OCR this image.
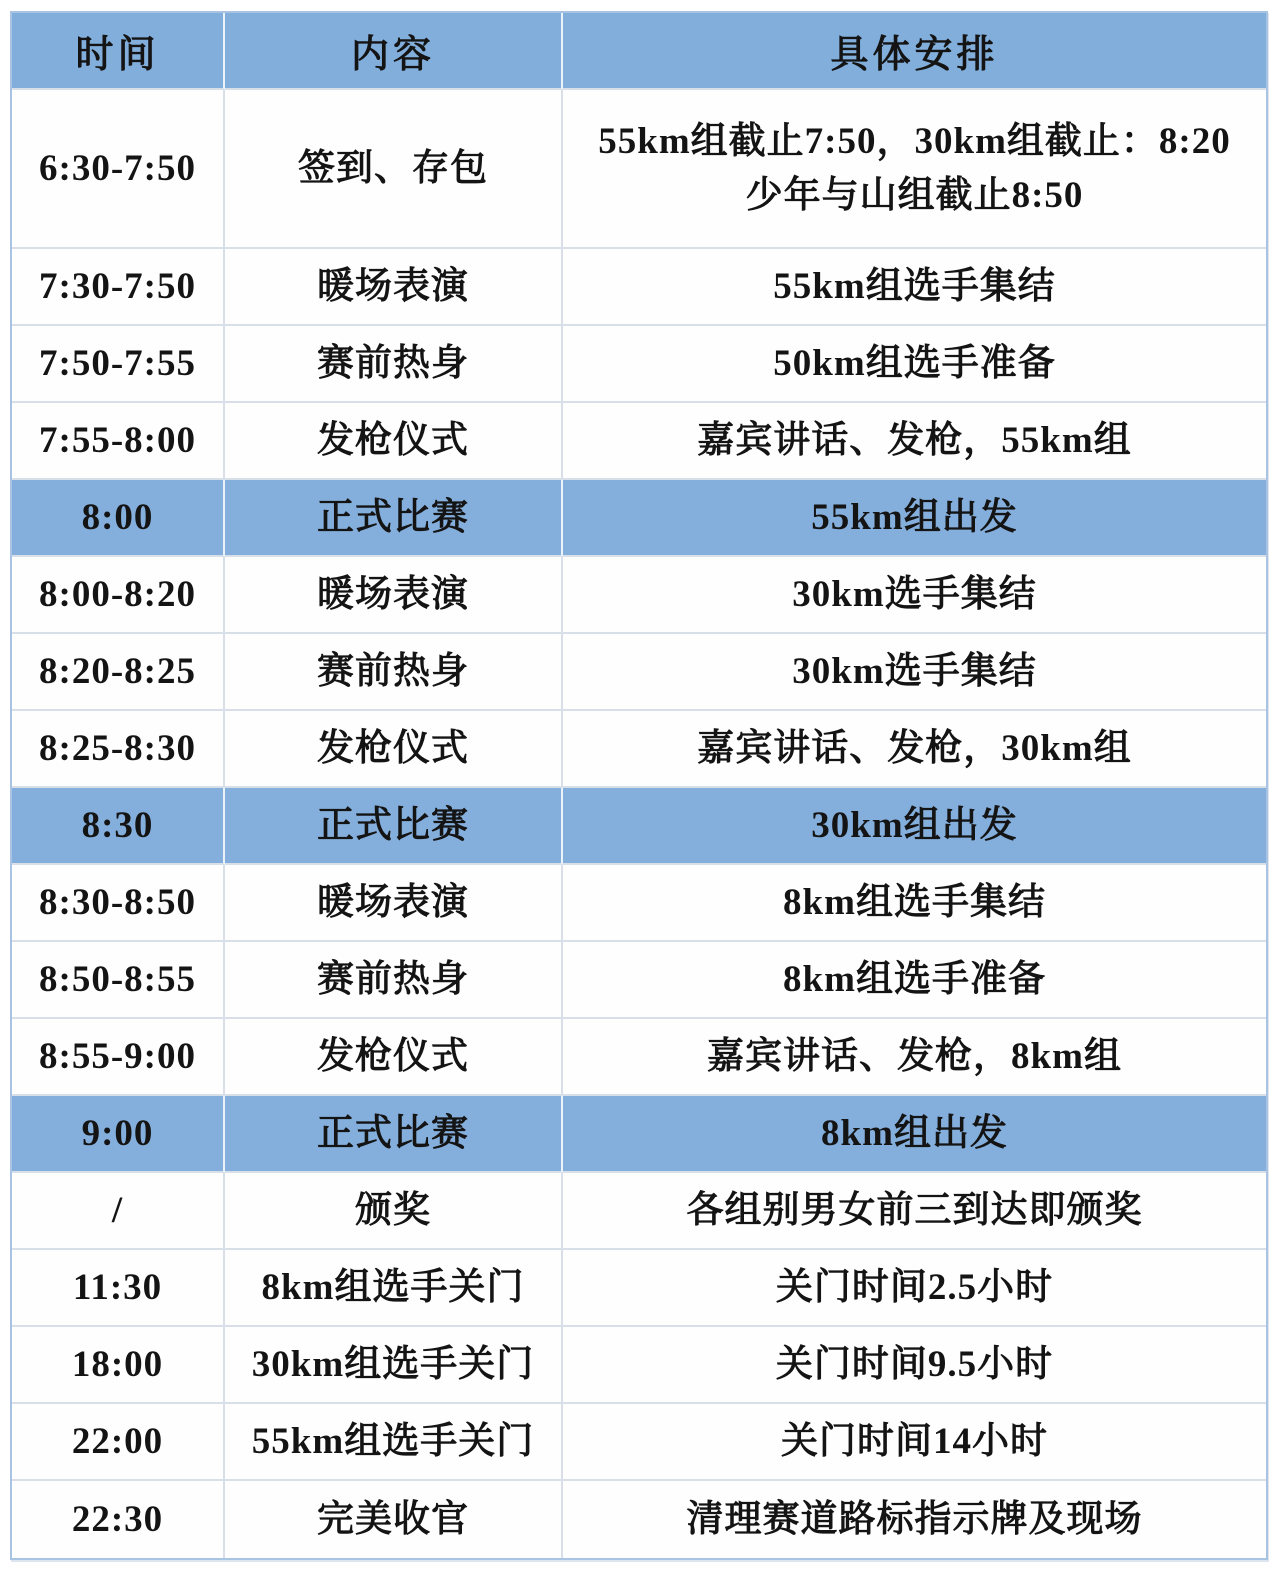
时间	内容	具体安排

6:30-7:50	签到、存包	55km组截止7:50，30km组截止：8:20
少年与山组截止8:50

7:30-7:50	暖场表演	55km组选手集结

7:50-7:55	赛前热身	50km组选手准备

7:55-8:00	发枪仪式	嘉宾讲话、发枪，55km组

8:00	正式比赛	55km组出发

8:00-8:20	暖场表演	30km选手集结

8:20-8:25	赛前热身	30km选手集结

8:25-8:30	发枪仪式	嘉宾讲话、发枪，30km组

8:30	正式比赛	30km组出发

8:30-8:50	暖场表演	8km组选手集结

8:50-8:55	赛前热身	8km组选手准备

8:55-9:00	发枪仪式	嘉宾讲话、发枪，8km组

9:00	正式比赛	8km组出发

/	颁奖	各组别男女前三到达即颁奖

11:30	8km组选手关门	关门时间2.5小时

18:00	30km组选手关门	关门时间9.5小时

22:00	55km组选手关门	关门时间14小时

22:30	完美收官	清理赛道路标指示牌及现场
